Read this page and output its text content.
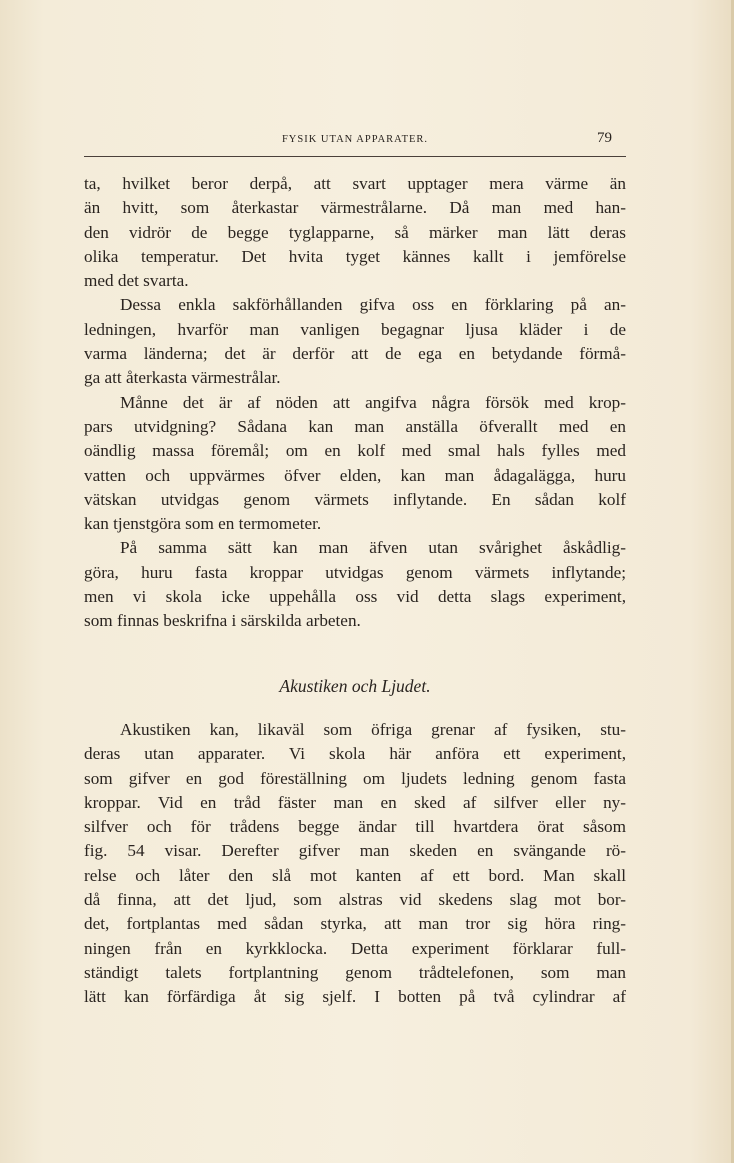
FYSIK UTAN APPARATER.	79
ta, hvilket beror derpå, att svart upptager mera värme än
än hvitt, som återkastar värmestrålarne. Då man med han-
den vidrör de begge tyglapparne, så märker man lätt deras
olika temperatur. Det hvita tyget kännes kallt i jemförelse
med det svarta.
Dessa enkla sakförhållanden gifva oss en förklaring på an-
ledningen, hvarför man vanligen begagnar ljusa kläder i de
varma länderna; det är derför att de ega en betydande förmå-
ga att återkasta värmestrålar.
Månne det är af nöden att angifva några försök med krop-
pars utvidgning? Sådana kan man anställa öfverallt med en
oändlig massa föremål; om en kolf med smal hals fylles med
vatten och uppvärmes öfver elden, kan man ådagalägga, huru
vätskan utvidgas genom värmets inflytande. En sådan kolf
kan tjenstgöra som en termometer.
På samma sätt kan man äfven utan svårighet åskådlig-
göra, huru fasta kroppar utvidgas genom värmets inflytande;
men vi skola icke uppehålla oss vid detta slags experiment,
som finnas beskrifna i särskilda arbeten.
Akustiken och Ljudet.
Akustiken kan, likaväl som öfriga grenar af fysiken, stu-
deras utan apparater. Vi skola här anföra ett experiment,
som gifver en god föreställning om ljudets ledning genom fasta
kroppar. Vid en tråd fäster man en sked af silfver eller ny-
silfver och för trådens begge ändar till hvartdera örat såsom
fig. 54 visar. Derefter gifver man skeden en svängande rö-
relse och låter den slå mot kanten af ett bord. Man skall
då finna, att det ljud, som alstras vid skedens slag mot bor-
det, fortplantas med sådan styrka, att man tror sig höra ring-
ningen från en kyrkklocka. Detta experiment förklarar full-
ständigt talets fortplantning genom trådtelefonen, som man
lätt kan förfärdiga åt sig sjelf. I botten på två cylindrar af
